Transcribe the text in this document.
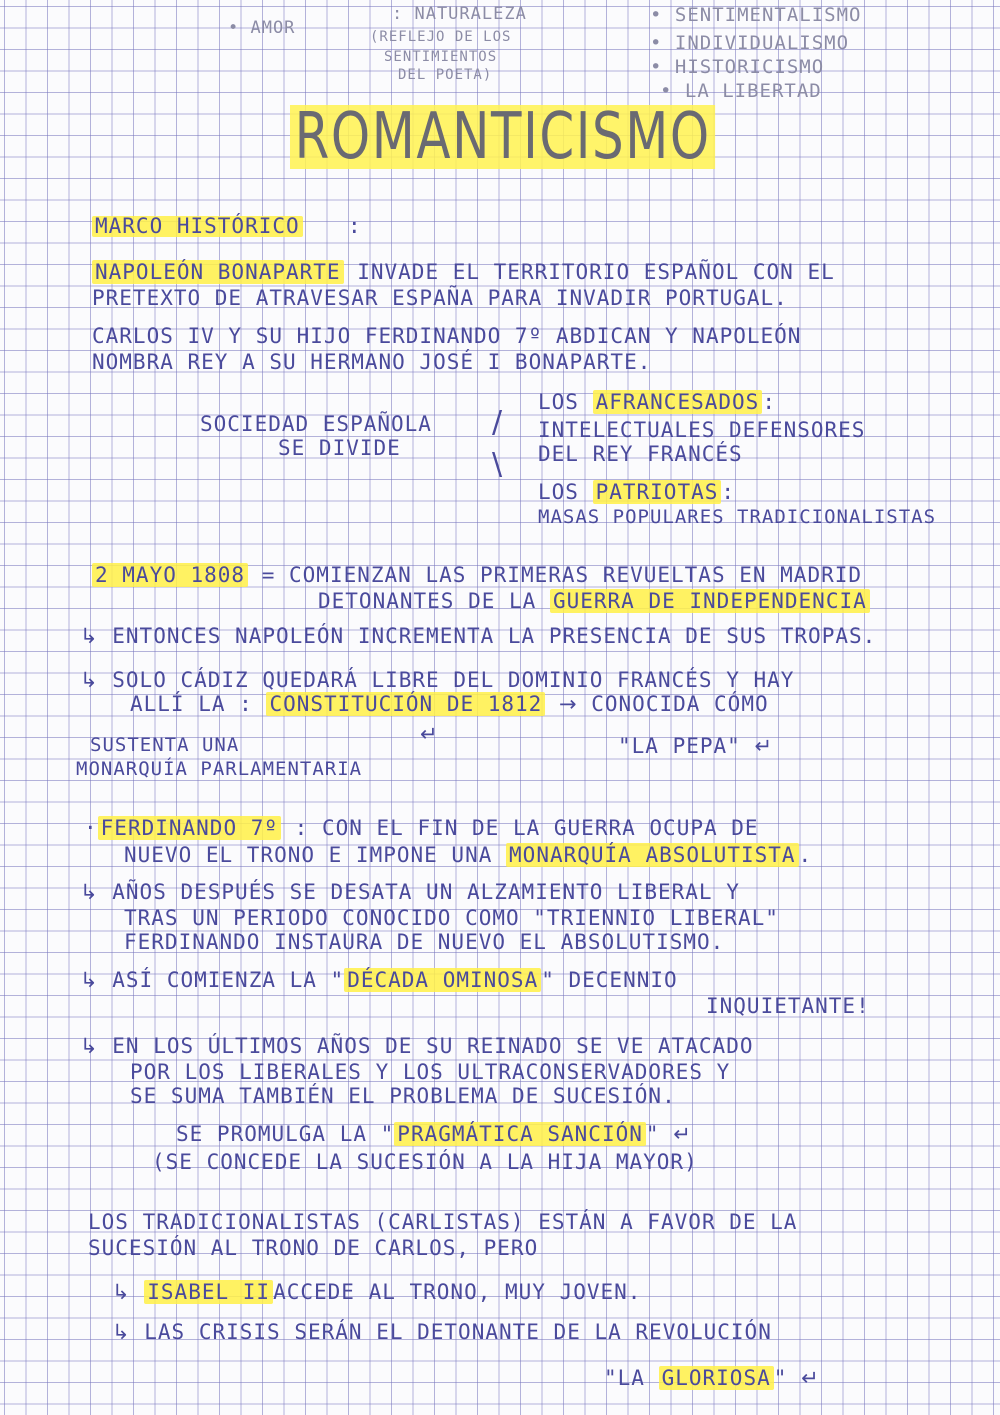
• AMOR
: NATURALEZA
(REFLEJO DE LOS
SENTIMIENTOS
DEL POETA)
• SENTIMENTALISMO
• INDIVIDUALISMO
• HISTORICISMO
• LA LIBERTAD
ROMANTICISMO
MARCO HISTÓRICO :
NAPOLEÓN BONAPARTE INVADE EL TERRITORIO ESPAÑOL CON EL
PRETEXTO DE ATRAVESAR ESPAÑA PARA INVADIR PORTUGAL.
CARLOS IV Y SU HIJO FERDINANDO 7º ABDICAN Y NAPOLEÓN
NOMBRA REY A SU HERMANO JOSÉ I BONAPARTE.
SOCIEDAD ESPAÑOLA
SE DIVIDE
/
\
LOS AFRANCESADOS :
INTELECTUALES DEFENSORES
DEL REY FRANCÉS
LOS PATRIOTAS :
MASAS POPULARES TRADICIONALISTAS
2 MAYO 1808 = COMIENZAN LAS PRIMERAS REVUELTAS EN MADRID
DETONANTES DE LA GUERRA DE INDEPENDENCIA
↳ ENTONCES NAPOLEÓN INCREMENTA LA PRESENCIA DE SUS TROPAS.
↳ SOLO CÁDIZ QUEDARÁ LIBRE DEL DOMINIO FRANCÉS Y HAY
ALLÍ LA : CONSTITUCIÓN DE 1812 → CONOCIDA CÓMO
↵	"LA PEPA" ↵
SUSTENTA UNA
MONARQUÍA PARLAMENTARIA
· FERDINANDO 7º : CON EL FIN DE LA GUERRA OCUPA DE
NUEVO EL TRONO E IMPONE UNA MONARQUÍA ABSOLUTISTA .
↳ AÑOS DESPUÉS SE DESATA UN ALZAMIENTO LIBERAL Y
TRAS UN PERIODO CONOCIDO COMO "TRIENNIO LIBERAL"
FERDINANDO INSTAURA DE NUEVO EL ABSOLUTISMO.
↳ ASÍ COMIENZA LA " DÉCADA OMINOSA " DECENNIO
INQUIETANTE!
↳ EN LOS ÚLTIMOS AÑOS DE SU REINADO SE VE ATACADO
POR LOS LIBERALES Y LOS ULTRACONSERVADORES Y
SE SUMA TAMBIÉN EL PROBLEMA DE SUCESIÓN.
SE PROMULGA LA " PRAGMÁTICA SANCIÓN " ↵
(SE CONCEDE LA SUCESIÓN A LA HIJA MAYOR)
LOS TRADICIONALISTAS (CARLISTAS) ESTÁN A FAVOR DE LA
SUCESIÓN AL TRONO DE CARLOS, PERO
↳ ISABEL II ACCEDE AL TRONO, MUY JOVEN.
↳ LAS CRISIS SERÁN EL DETONANTE DE LA REVOLUCIÓN
"LA GLORIOSA " ↵
